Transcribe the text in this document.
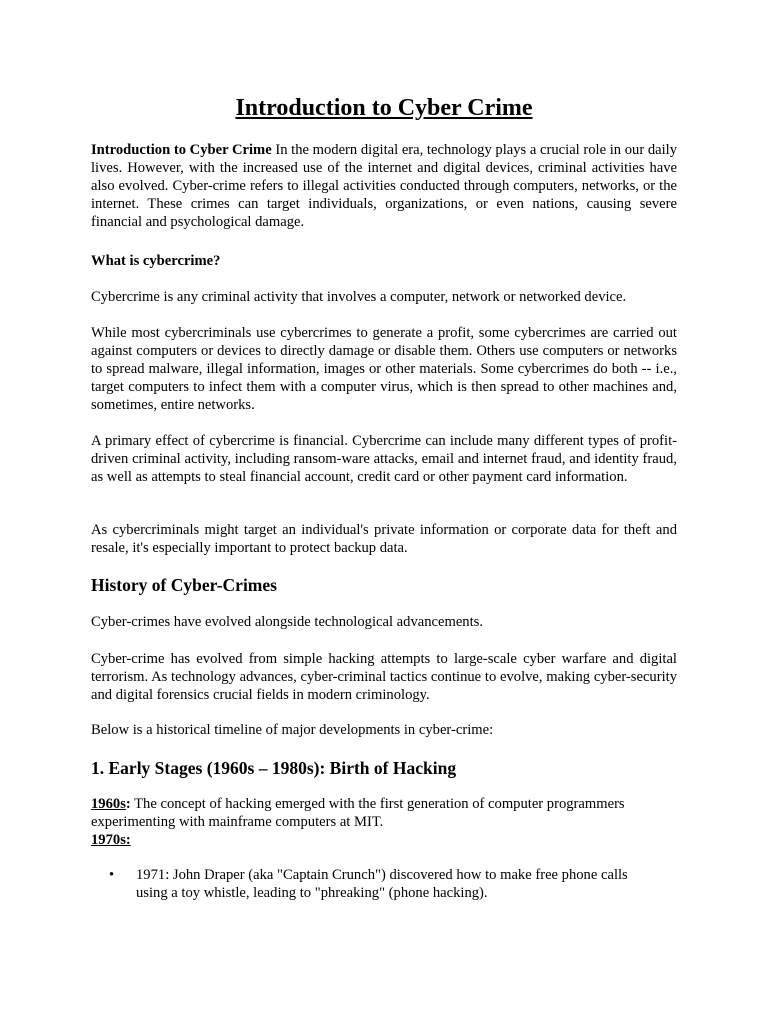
Introduction to Cyber Crime

Introduction to Cyber Crime In the modern digital era, technology plays a crucial role in our daily lives. However, with the increased use of the internet and digital devices, criminal activities have also evolved. Cyber-crime refers to illegal activities conducted through computers, networks, or the internet. These crimes can target individuals, organizations, or even nations, causing severe financial and psychological damage.

What is cybercrime?

Cybercrime is any criminal activity that involves a computer, network or networked device.

While most cybercriminals use cybercrimes to generate a profit, some cybercrimes are carried out against computers or devices to directly damage or disable them. Others use computers or networks to spread malware, illegal information, images or other materials. Some cybercrimes do both -- i.e., target computers to infect them with a computer virus, which is then spread to other machines and, sometimes, entire networks.

A primary effect of cybercrime is financial. Cybercrime can include many different types of profit-driven criminal activity, including ransom-ware attacks, email and internet fraud, and identity fraud, as well as attempts to steal financial account, credit card or other payment card information.

As cybercriminals might target an individual's private information or corporate data for theft and resale, it's especially important to protect backup data.

History of Cyber-Crimes

Cyber-crimes have evolved alongside technological advancements.

Cyber-crime has evolved from simple hacking attempts to large-scale cyber warfare and digital terrorism. As technology advances, cyber-criminal tactics continue to evolve, making cyber-security and digital forensics crucial fields in modern criminology.

Below is a historical timeline of major developments in cyber-crime:

1. Early Stages (1960s – 1980s): Birth of Hacking

1960s: The concept of hacking emerged with the first generation of computer programmers experimenting with mainframe computers at MIT.

1970s:

• 1971: John Draper (aka "Captain Crunch") discovered how to make free phone calls using a toy whistle, leading to "phreaking" (phone hacking).
